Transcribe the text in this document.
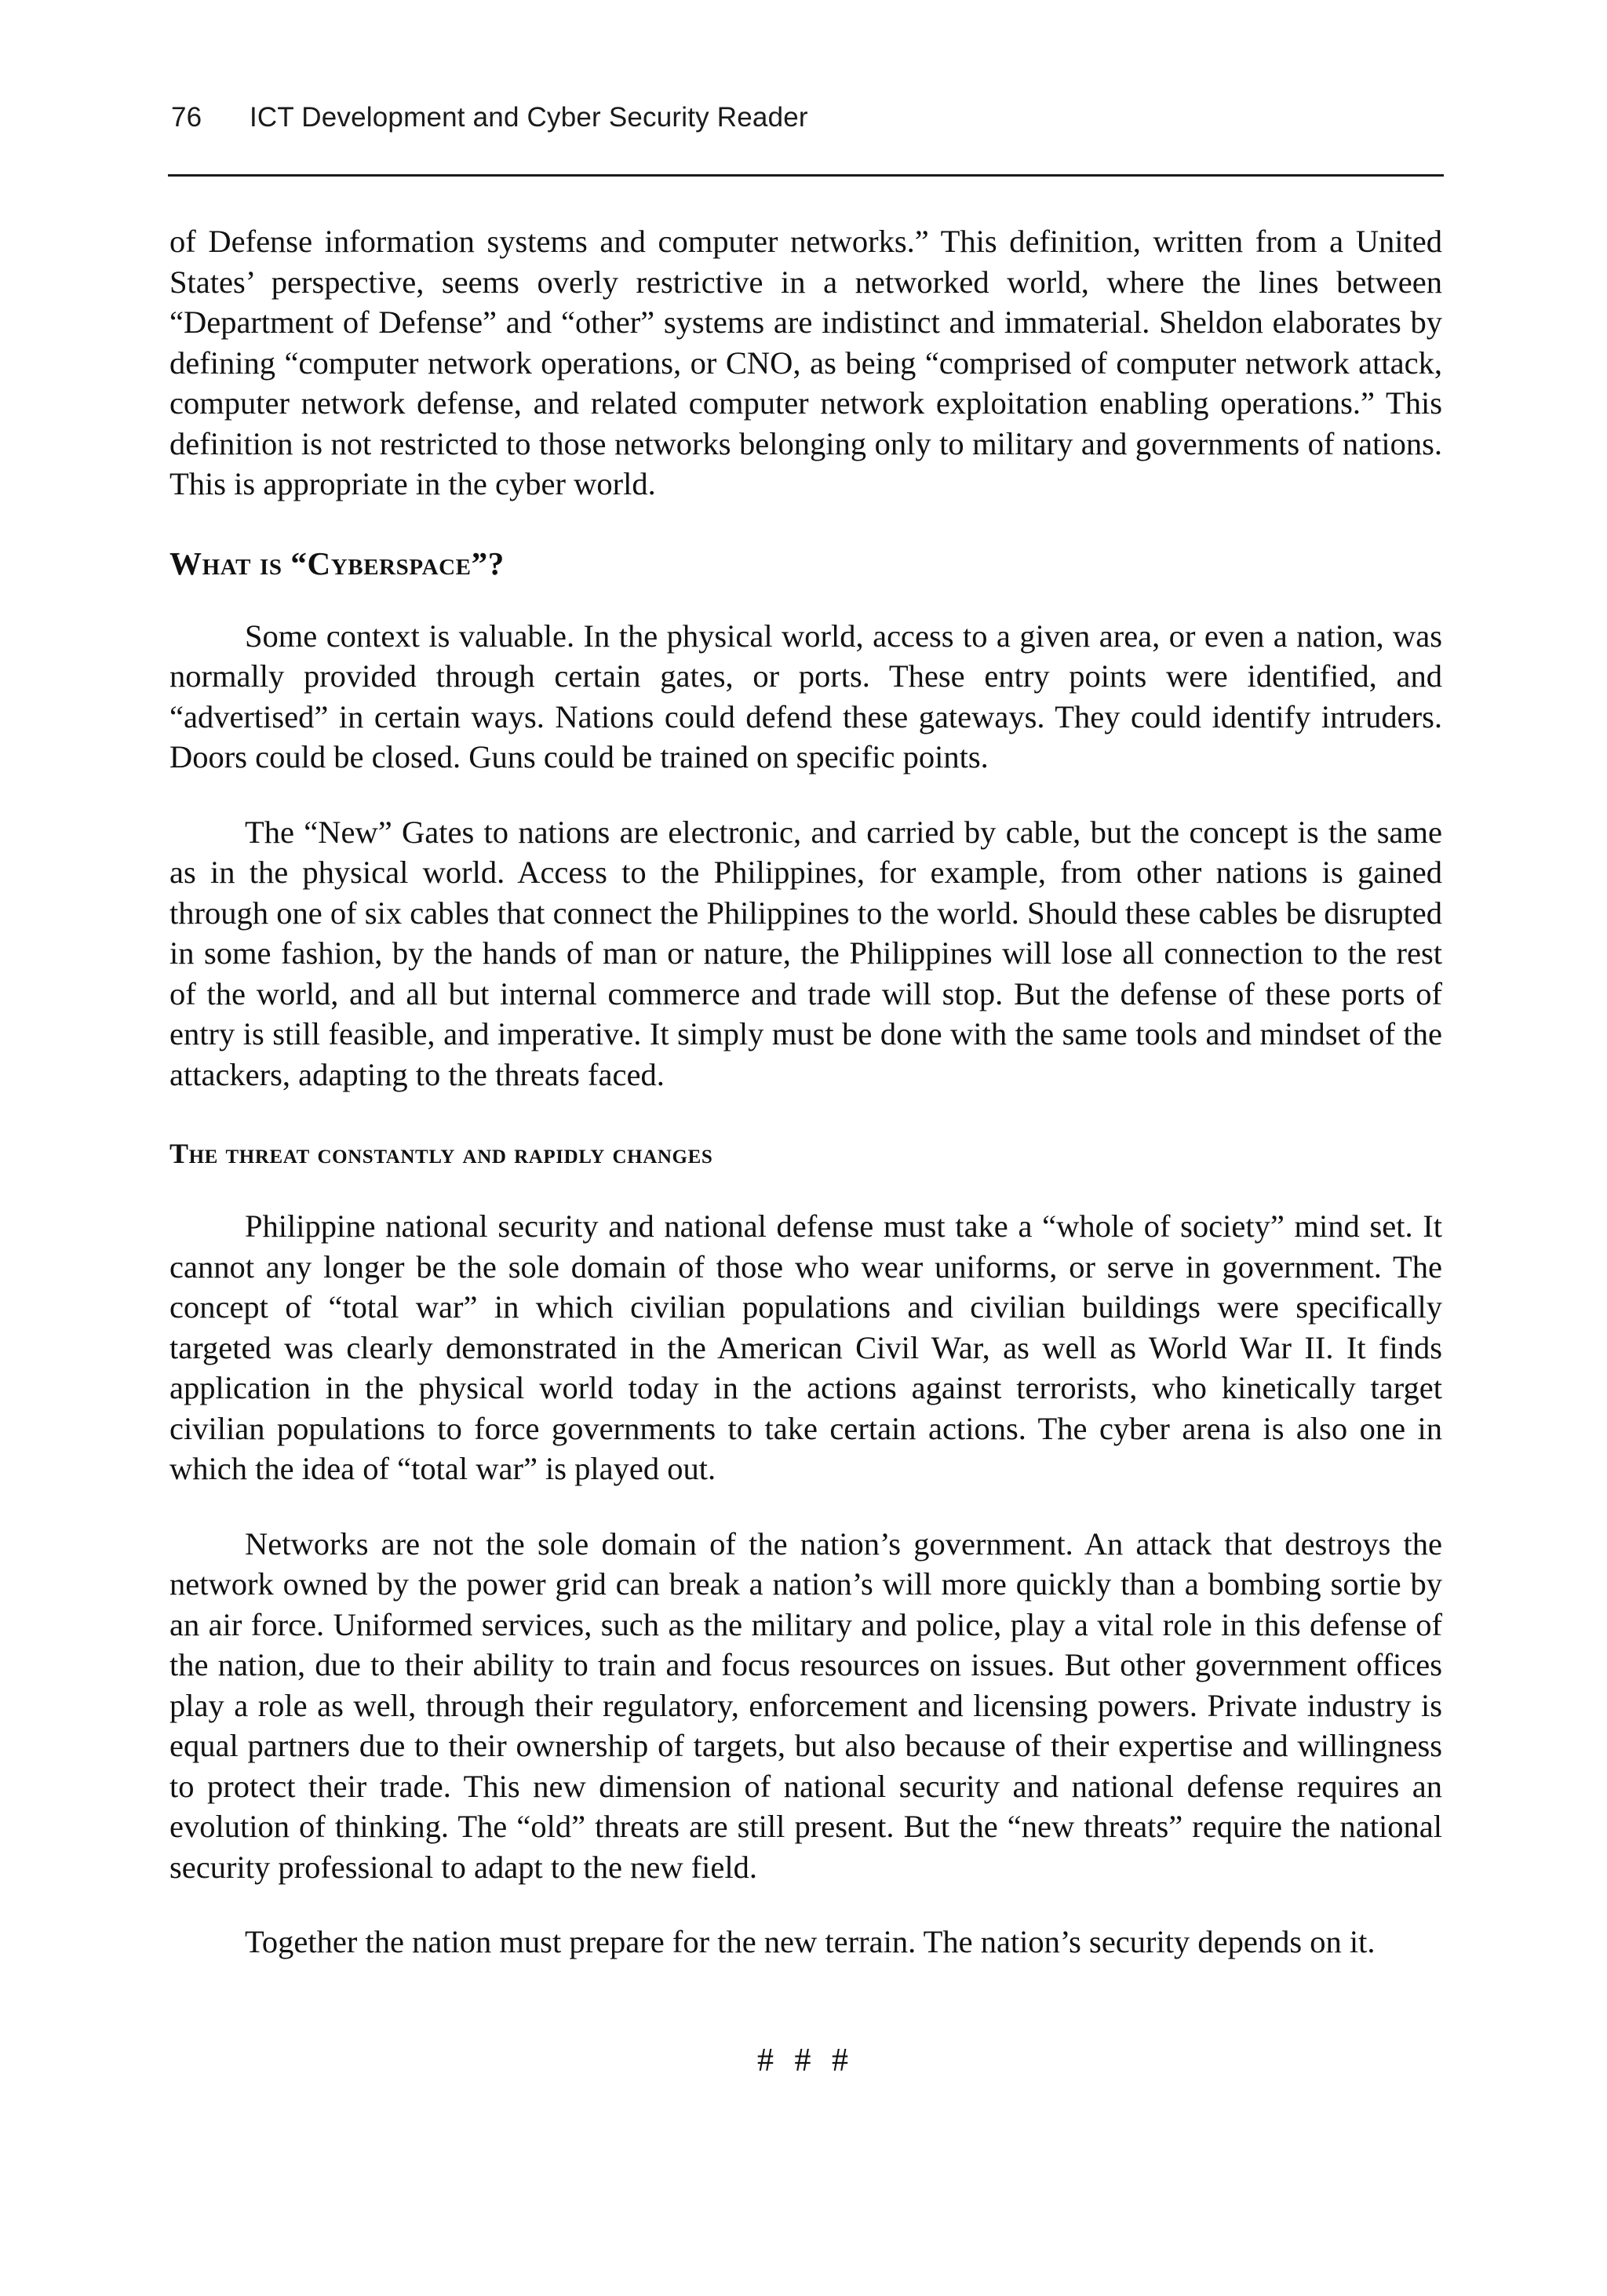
76	ICT Development and Cyber Security Reader

of Defense information systems and computer networks.” This definition, written from a United States’ perspective, seems overly restrictive in a networked world, where the lines between “Department of Defense” and “other” systems are indistinct and immaterial. Sheldon elaborates by defining “computer network operations, or CNO, as being “comprised of computer network attack, computer network defense, and related computer network exploitation enabling operations.” This definition is not restricted to those networks belonging only to military and governments of nations. This is appropriate in the cyber world.

What is “Cyberspace”?

Some context is valuable. In the physical world, access to a given area, or even a nation, was normally provided through certain gates, or ports. These entry points were identified, and “advertised” in certain ways. Nations could defend these gateways. They could identify intruders. Doors could be closed. Guns could be trained on specific points.

The “New” Gates to nations are electronic, and carried by cable, but the concept is the same as in the physical world. Access to the Philippines, for example, from other nations is gained through one of six cables that connect the Philippines to the world. Should these cables be disrupted in some fashion, by the hands of man or nature, the Philippines will lose all connection to the rest of the world, and all but internal commerce and trade will stop. But the defense of these ports of entry is still feasible, and imperative. It simply must be done with the same tools and mindset of the attackers, adapting to the threats faced.

The threat constantly and rapidly changes

Philippine national security and national defense must take a “whole of society” mind set. It cannot any longer be the sole domain of those who wear uniforms, or serve in government. The concept of “total war” in which civilian populations and civilian buildings were specifically targeted was clearly demonstrated in the American Civil War, as well as World War II. It finds application in the physical world today in the actions against terrorists, who kinetically target civilian populations to force governments to take certain actions. The cyber arena is also one in which the idea of “total war” is played out.

Networks are not the sole domain of the nation’s government. An attack that destroys the network owned by the power grid can break a nation’s will more quickly than a bombing sortie by an air force. Uniformed services, such as the military and police, play a vital role in this defense of the nation, due to their ability to train and focus resources on issues. But other government offices play a role as well, through their regulatory, enforcement and licensing powers. Private industry is equal partners due to their ownership of targets, but also because of their expertise and willingness to protect their trade. This new dimension of national security and national defense requires an evolution of thinking. The “old” threats are still present. But the “new threats” require the national security professional to adapt to the new field.

Together the nation must prepare for the new terrain. The nation’s security depends on it.

# # #
